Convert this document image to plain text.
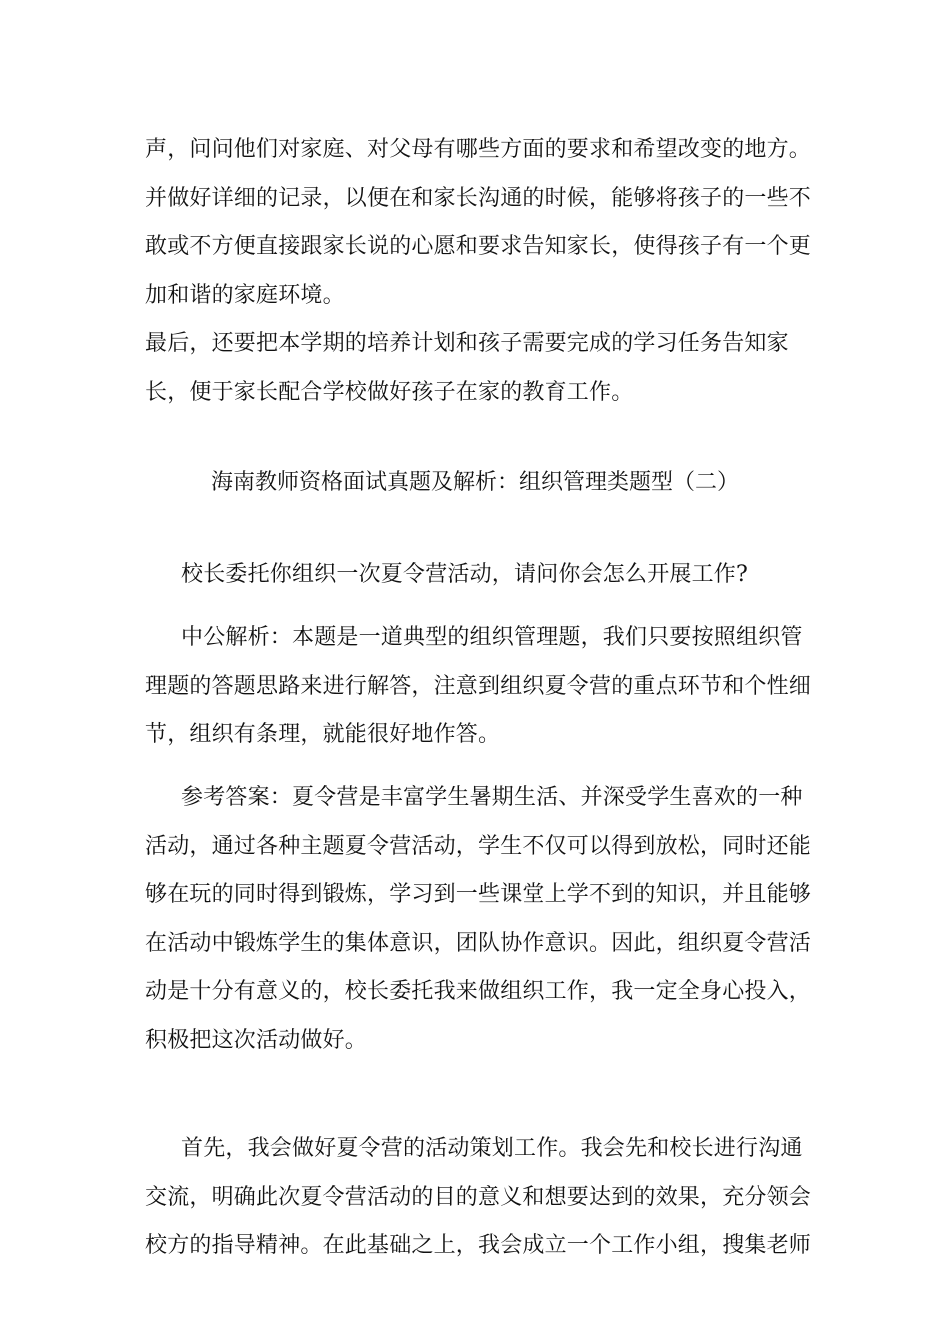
声，问问他们对家庭、对父母有哪些方面的要求和希望改变的地方。
并做好详细的记录，以便在和家长沟通的时候，能够将孩子的一些不
敢或不方便直接跟家长说的心愿和要求告知家长，使得孩子有一个更
加和谐的家庭环境。
最后，还要把本学期的培养计划和孩子需要完成的学习任务告知家
长，便于家长配合学校做好孩子在家的教育工作。
海南教师资格面试真题及解析：组织管理类题型（二）
校长委托你组织一次夏令营活动，请问你会怎么开展工作?
中公解析：本题是一道典型的组织管理题，我们只要按照组织管
理题的答题思路来进行解答，注意到组织夏令营的重点环节和个性细
节，组织有条理，就能很好地作答。
参考答案：夏令营是丰富学生暑期生活、并深受学生喜欢的一种
活动，通过各种主题夏令营活动，学生不仅可以得到放松，同时还能
够在玩的同时得到锻炼，学习到一些课堂上学不到的知识，并且能够
在活动中锻炼学生的集体意识，团队协作意识。因此，组织夏令营活
动是十分有意义的，校长委托我来做组织工作，我一定全身心投入，
积极把这次活动做好。
首先，我会做好夏令营的活动策划工作。我会先和校长进行沟通
交流，明确此次夏令营活动的目的意义和想要达到的效果，充分领会
校方的指导精神。在此基础之上，我会成立一个工作小组，搜集老师
